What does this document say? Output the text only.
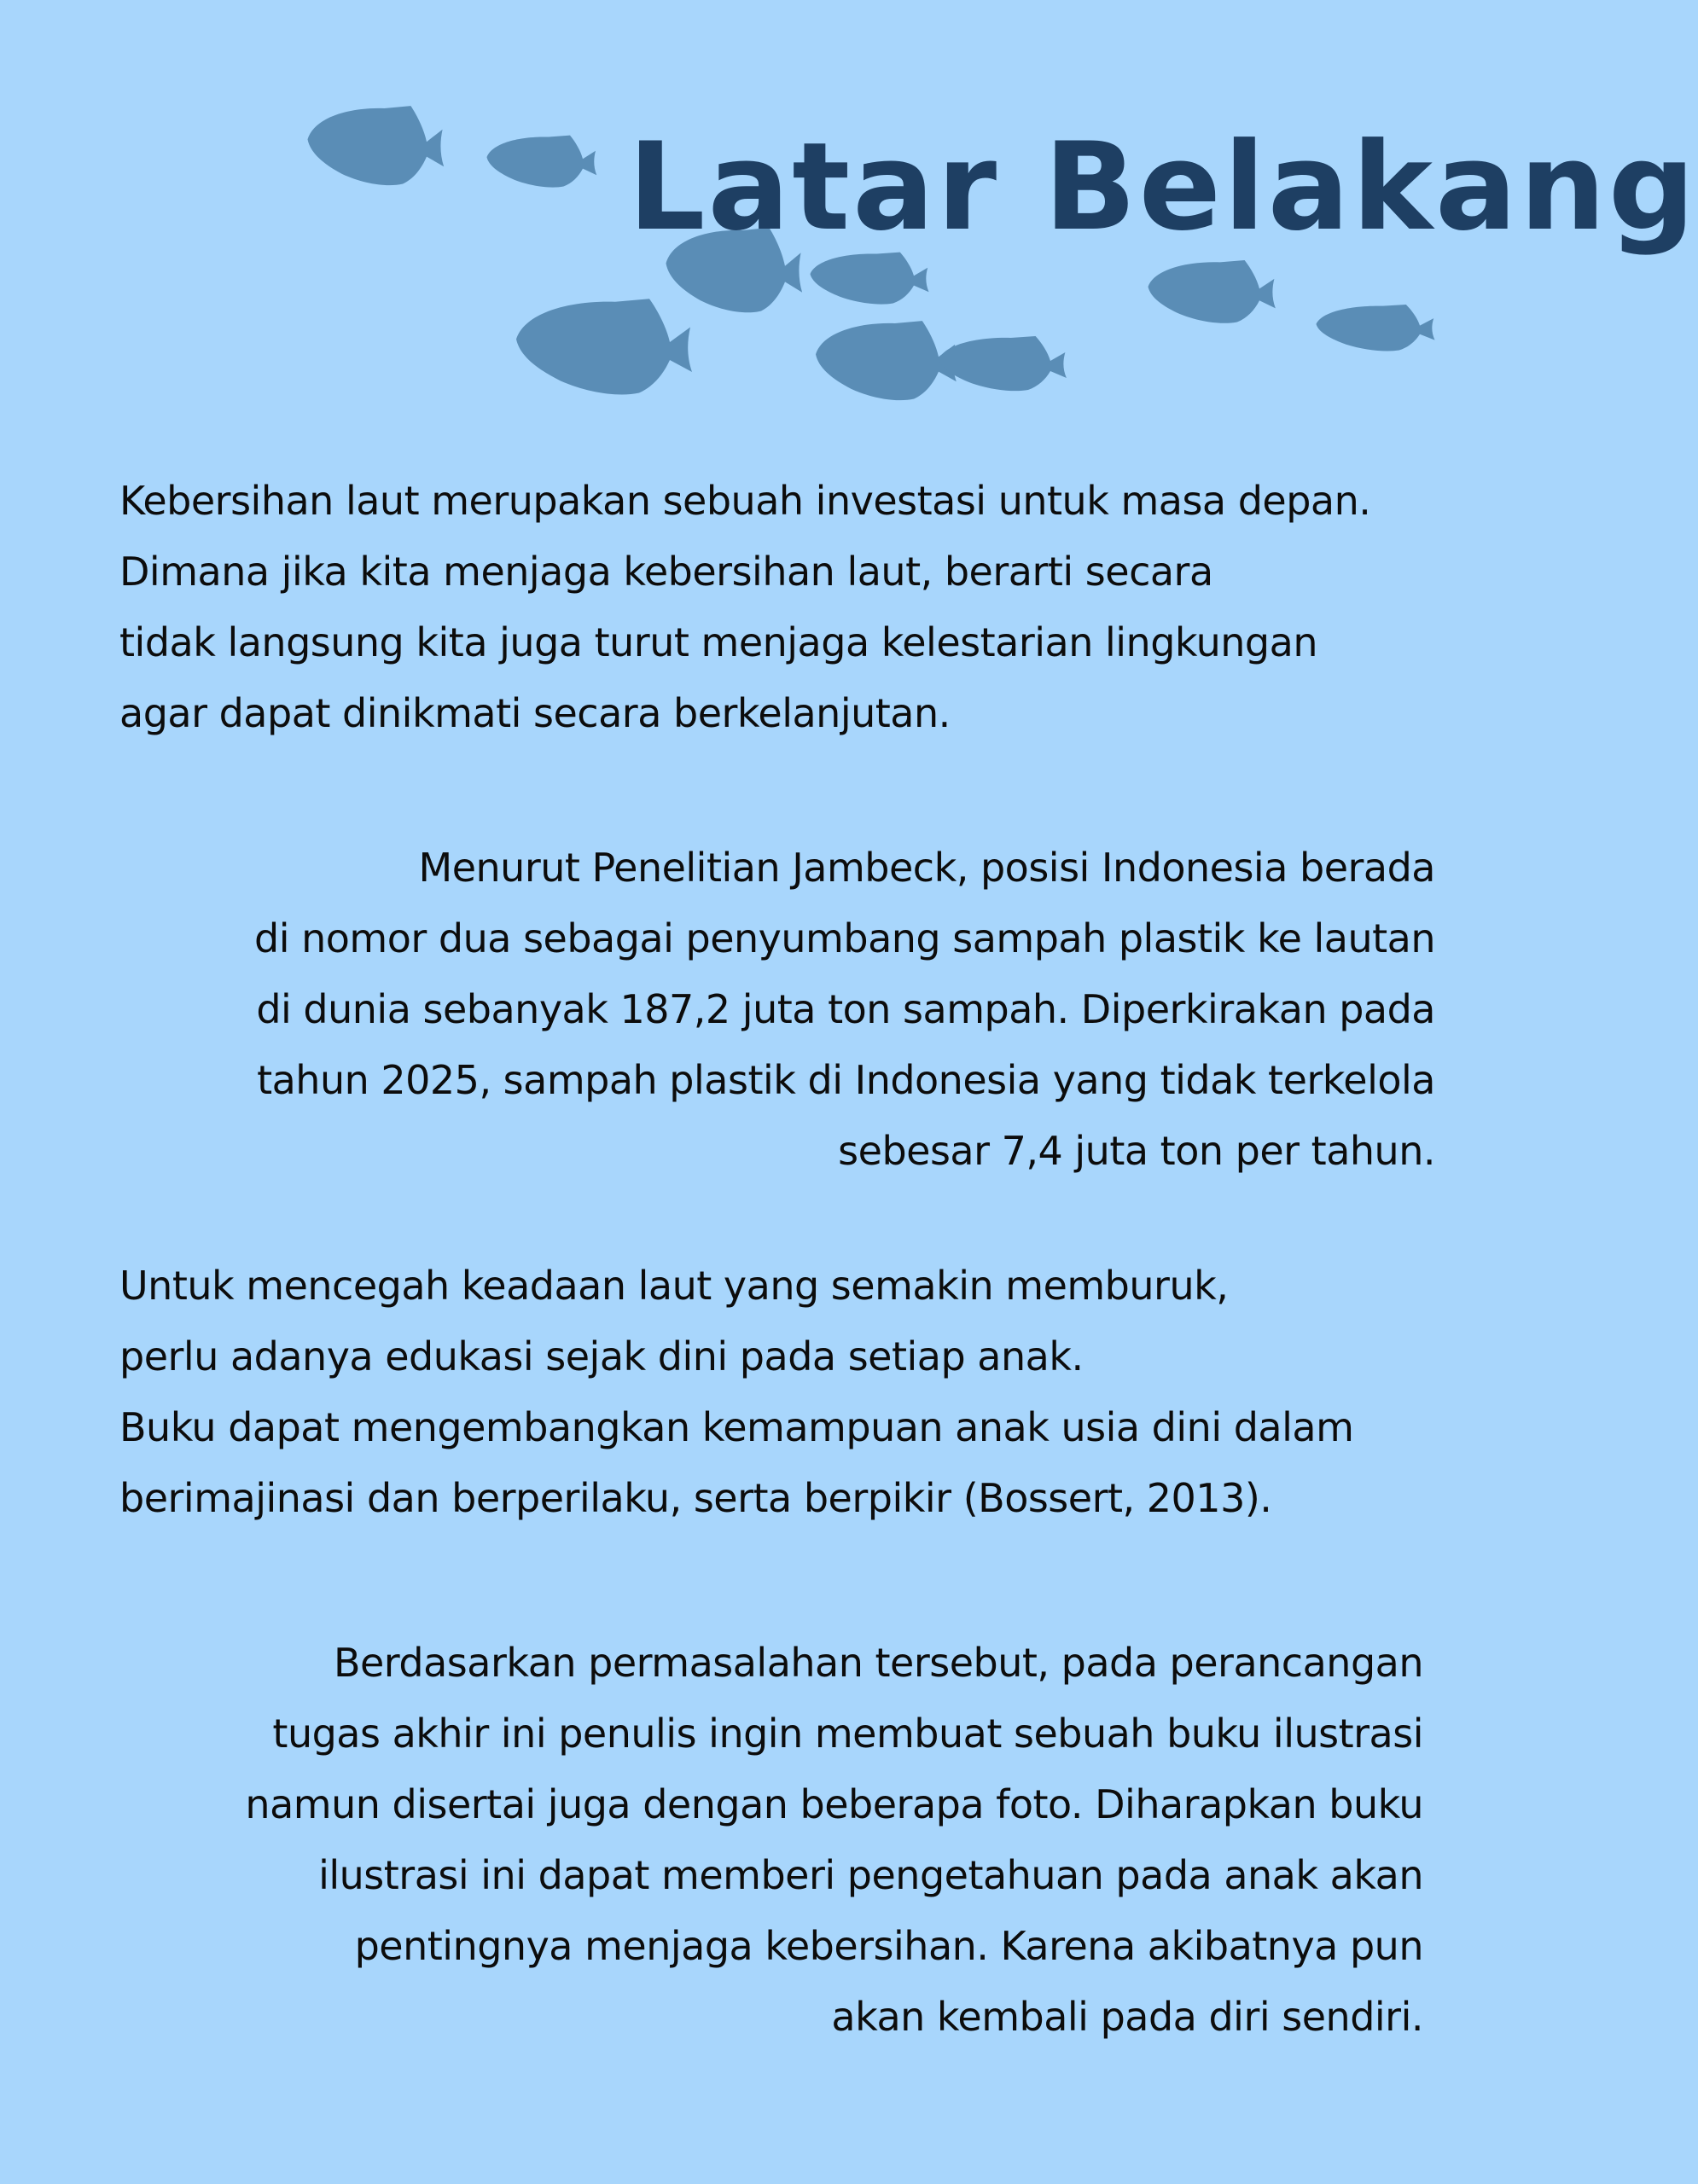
Latar Belakang

Kebersihan laut merupakan sebuah investasi untuk masa depan.
Dimana jika kita menjaga kebersihan laut, berarti secara
tidak langsung kita juga turut menjaga kelestarian lingkungan
agar dapat dinikmati secara berkelanjutan.

Menurut Penelitian Jambeck, posisi Indonesia berada
di nomor dua sebagai penyumbang sampah plastik ke lautan
di dunia sebanyak 187,2 juta ton sampah. Diperkirakan pada
tahun 2025, sampah plastik di Indonesia yang tidak terkelola
sebesar 7,4 juta ton per tahun.

Untuk mencegah keadaan laut yang semakin memburuk,
perlu adanya edukasi sejak dini pada setiap anak.
Buku dapat mengembangkan kemampuan anak usia dini dalam
berimajinasi dan berperilaku, serta berpikir (Bossert, 2013).

Berdasarkan permasalahan tersebut, pada perancangan
tugas akhir ini penulis ingin membuat sebuah buku ilustrasi
namun disertai juga dengan beberapa foto. Diharapkan buku
ilustrasi ini dapat memberi pengetahuan pada anak akan
pentingnya menjaga kebersihan. Karena akibatnya pun
akan kembali pada diri sendiri.
